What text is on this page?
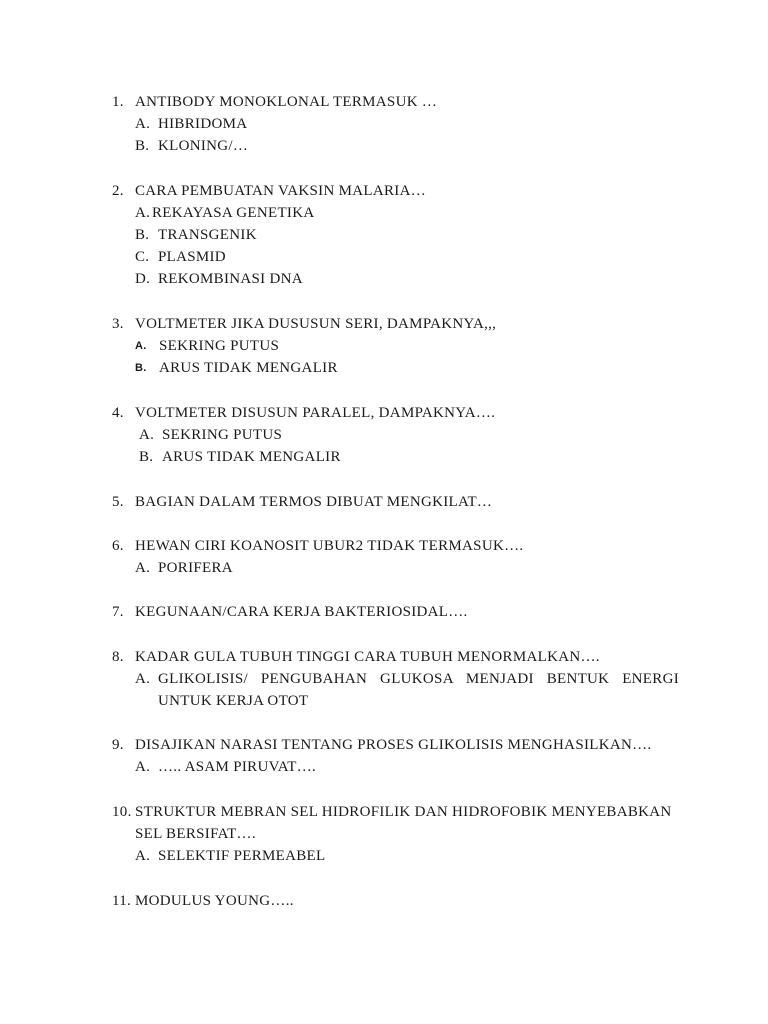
1. ANTIBODY MONOKLONAL TERMASUK …
A. HIBRIDOMA
B. KLONING/…
2. CARA PEMBUATAN VAKSIN MALARIA…
A. REKAYASA GENETIKA
B. TRANSGENIK
C. PLASMID
D. REKOMBINASI DNA
3. VOLTMETER JIKA DUSUSUN SERI, DAMPAKNYA,,,
A. SEKRING PUTUS
B. ARUS TIDAK MENGALIR
4. VOLTMETER DISUSUN PARALEL, DAMPAKNYA….
A. SEKRING PUTUS
B. ARUS TIDAK MENGALIR
5. BAGIAN DALAM TERMOS DIBUAT MENGKILAT…
6. HEWAN CIRI KOANOSIT UBUR2 TIDAK TERMASUK….
A. PORIFERA
7. KEGUNAAN/CARA KERJA BAKTERIOSIDAL….
8. KADAR GULA TUBUH TINGGI CARA TUBUH MENORMALKAN….
A. GLIKOLISIS/ PENGUBAHAN GLUKOSA MENJADI BENTUK ENERGI UNTUK KERJA OTOT
9. DISAJIKAN NARASI TENTANG PROSES GLIKOLISIS MENGHASILKAN….
A. ….. ASAM PIRUVAT….
10. STRUKTUR MEBRAN SEL HIDROFILIK DAN HIDROFOBIK MENYEBABKAN SEL BERSIFAT….
A. SELEKTIF PERMEABEL
11. MODULUS YOUNG…..
